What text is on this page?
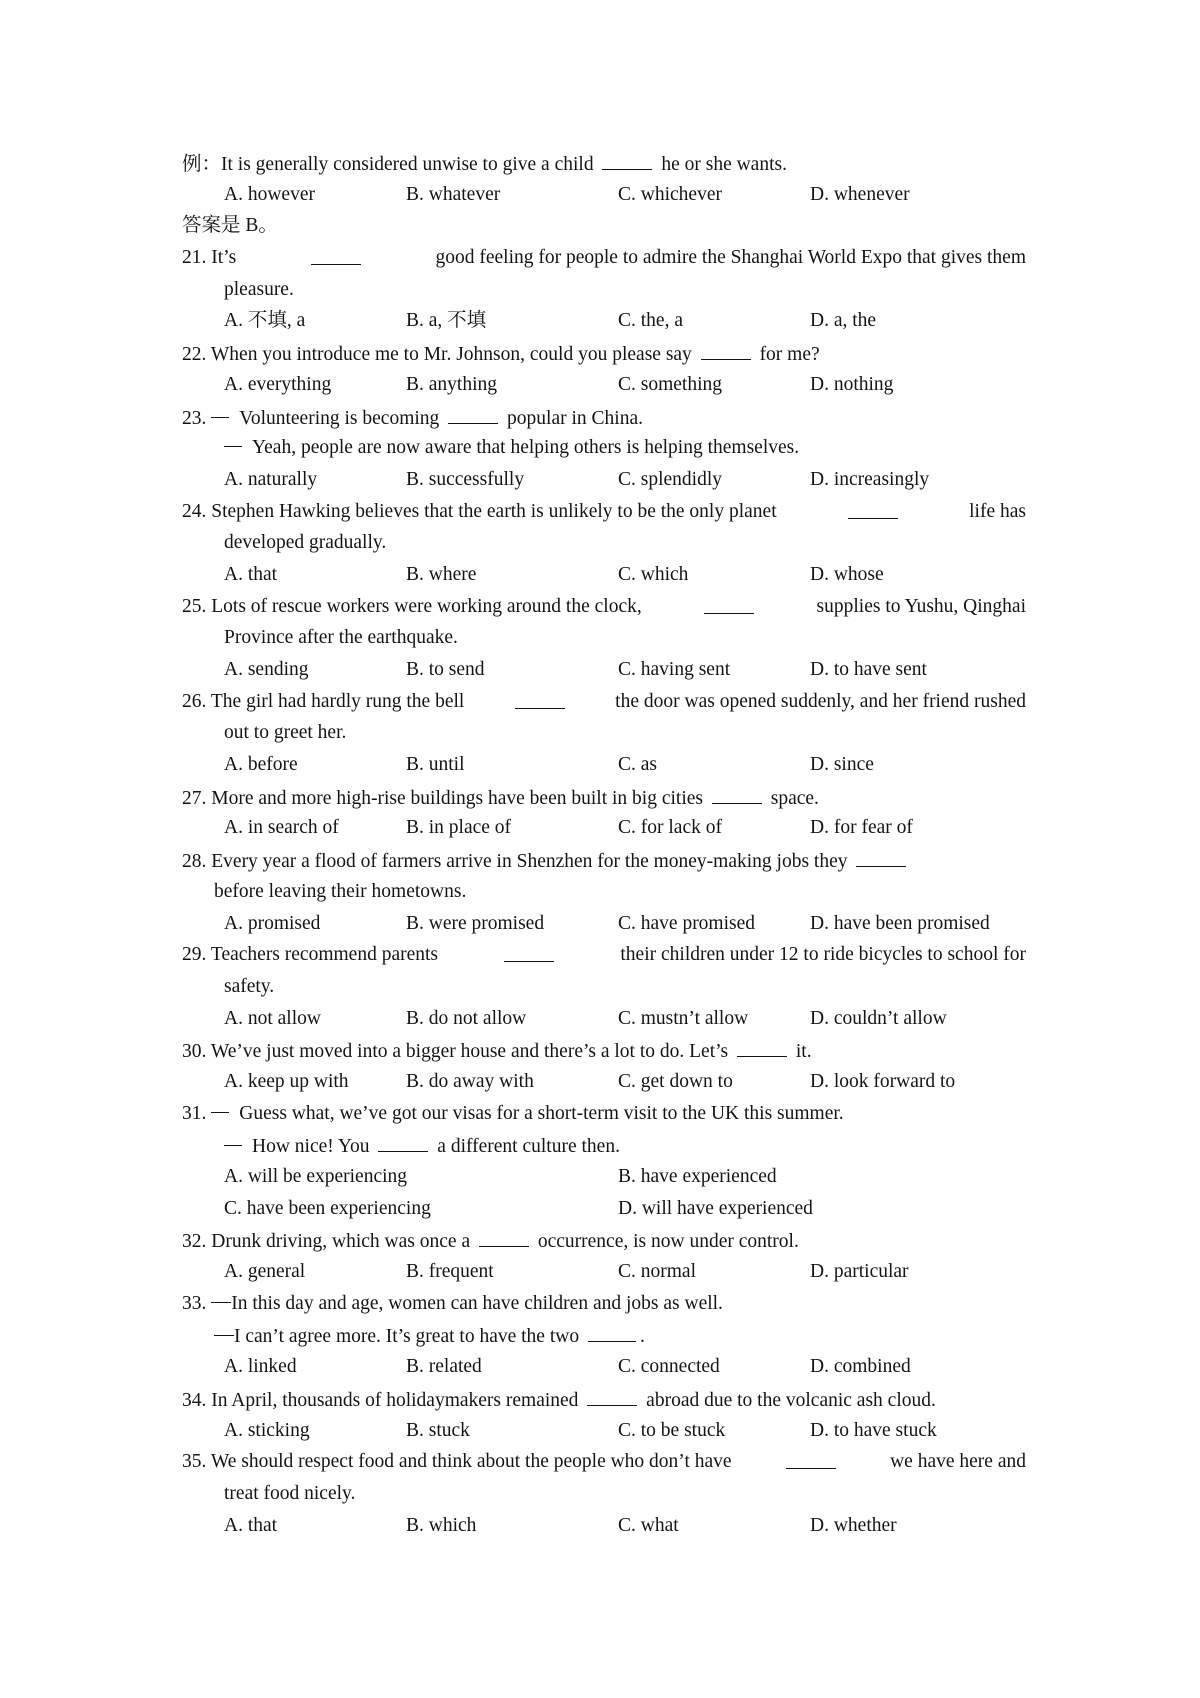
例：It is generally considered unwise to give a child	he or she wants.
A. however	B. whatever	C. whichever	D. whenever
答案是 B。
21. It’s	good feeling for people to admire the Shanghai World Expo that gives them
pleasure.
A. 不填, a	B. a, 不填	C. the, a	D. a, the
22. When you introduce me to Mr. Johnson, could you please say	for me?
A. everything	B. anything	C. something	D. nothing
23. Volunteering is becoming	popular in China.
Yeah, people are now aware that helping others is helping themselves.
A. naturally	B. successfully	C. splendidly	D. increasingly
24. Stephen Hawking believes that the earth is unlikely to be the only planet	life has
developed gradually.
A. that	B. where	C. which	D. whose
25. Lots of rescue workers were working around the clock,	supplies to Yushu, Qinghai
Province after the earthquake.
A. sending	B. to send	C. having sent	D. to have sent
26. The girl had hardly rung the bell	the door was opened suddenly, and her friend rushed
out to greet her.
A. before	B. until	C. as	D. since
27. More and more high-rise buildings have been built in big cities	space.
A. in search of	B. in place of	C. for lack of	D. for fear of
28. Every year a flood of farmers arrive in Shenzhen for the money-making jobs they
before leaving their hometowns.
A. promised	B. were promised	C. have promised	D. have been promised
29. Teachers recommend parents	their children under 12 to ride bicycles to school for
safety.
A. not allow	B. do not allow	C. mustn’t allow	D. couldn’t allow
30. We’ve just moved into a bigger house and there’s a lot to do. Let’s	it.
A. keep up with	B. do away with	C. get down to	D. look forward to
31. Guess what, we’ve got our visas for a short-term visit to the UK this summer.
How nice! You	a different culture then.
A. will be experiencing	B. have experienced
C. have been experiencing	D. will have experienced
32. Drunk driving, which was once a	occurrence, is now under control.
A. general	B. frequent	C. normal	D. particular
33. In this day and age, women can have children and jobs as well.
I can’t agree more. It’s great to have the two	.
A. linked	B. related	C. connected	D. combined
34. In April, thousands of holidaymakers remained	abroad due to the volcanic ash cloud.
A. sticking	B. stuck	C. to be stuck	D. to have stuck
35. We should respect food and think about the people who don’t have	we have here and
treat food nicely.
A. that	B. which	C. what	D. whether
